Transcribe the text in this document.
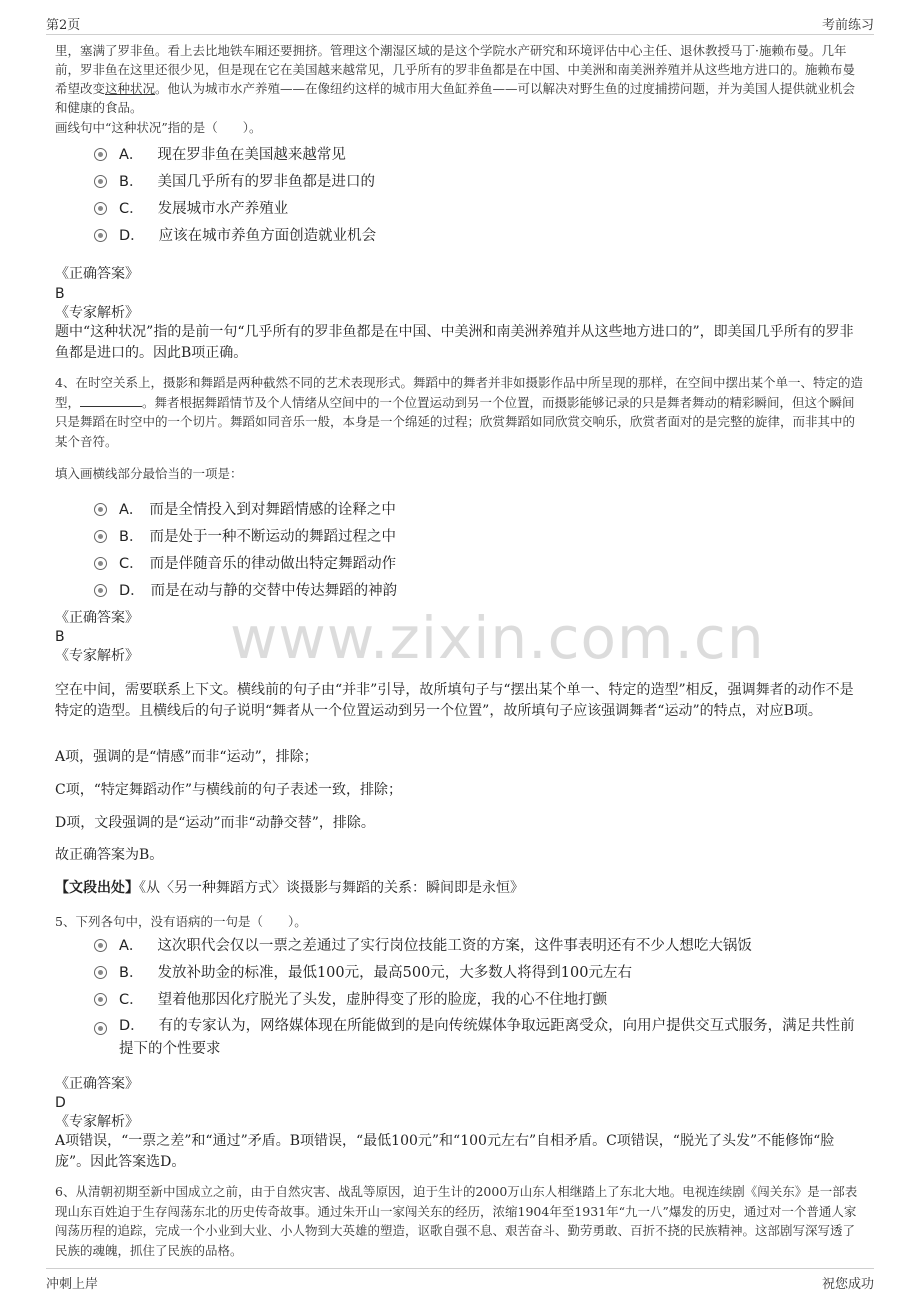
第2页	考前练习
www.zixin.com.cn
里，塞满了罗非鱼。看上去比地铁车厢还要拥挤。管理这个潮湿区域的是这个学院水产研究和环境评估中心主任、退休教授马丁·施赖布曼。几年前，罗非鱼在这里还很少见，但是现在它在美国越来越常见，几乎所有的罗非鱼都是在中国、中美洲和南美洲养殖并从这些地方进口的。施赖布曼希望改变这种状况。他认为城市水产养殖——在像纽约这样的城市用大鱼缸养鱼——可以解决对野生鱼的过度捕捞问题，并为美国人提供就业机会和健康的食品。
画线句中“这种状况”指的是（　　）。
A． 现在罗非鱼在美国越来越常见
B． 美国几乎所有的罗非鱼都是进口的
C． 发展城市水产养殖业
D． 应该在城市养鱼方面创造就业机会
《正确答案》
B
《专家解析》
题中“这种状况”指的是前一句“几乎所有的罗非鱼都是在中国、中美洲和南美洲养殖并从这些地方进口的”，即美国几乎所有的罗非鱼都是进口的。因此B项正确。
4、在时空关系上，摄影和舞蹈是两种截然不同的艺术表现形式。舞蹈中的舞者并非如摄影作品中所呈现的那样，在空间中摆出某个单一、特定的造型，	。舞者根据舞蹈情节及个人情绪从空间中的一个位置运动到另一个位置，而摄影能够记录的只是舞者舞动的精彩瞬间，但这个瞬间只是舞蹈在时空中的一个切片。舞蹈如同音乐一般，本身是一个绵延的过程；欣赏舞蹈如同欣赏交响乐，欣赏者面对的是完整的旋律，而非其中的某个音符。
填入画横线部分最恰当的一项是：
A． 而是全情投入到对舞蹈情感的诠释之中
B． 而是处于一种不断运动的舞蹈过程之中
C． 而是伴随音乐的律动做出特定舞蹈动作
D． 而是在动与静的交替中传达舞蹈的神韵
《正确答案》
B
《专家解析》
空在中间，需要联系上下文。横线前的句子由“并非”引导，故所填句子与“摆出某个单一、特定的造型”相反，强调舞者的动作不是特定的造型。且横线后的句子说明“舞者从一个位置运动到另一个位置”，故所填句子应该强调舞者“运动”的特点，对应B项。
A项，强调的是“情感”而非“运动”，排除；
C项，“特定舞蹈动作”与横线前的句子表述一致，排除；
D项，文段强调的是“运动”而非“动静交替”，排除。
故正确答案为B。
【文段出处】《从〈另一种舞蹈方式〉谈摄影与舞蹈的关系：瞬间即是永恒》
5、下列各句中，没有语病的一句是（　　）。
A． 这次职代会仅以一票之差通过了实行岗位技能工资的方案，这件事表明还有不少人想吃大锅饭
B． 发放补助金的标准，最低100元，最高500元，大多数人将得到100元左右
C． 望着他那因化疗脱光了头发，虚肿得变了形的脸庞，我的心不住地打颤
D． 有的专家认为，网络媒体现在所能做到的是向传统媒体争取远距离受众，向用户提供交互式服务，满足共性前提下的个性要求
《正确答案》
D
《专家解析》
A项错误，“一票之差”和“通过”矛盾。B项错误，“最低100元”和“100元左右”自相矛盾。C项错误，“脱光了头发”不能修饰“脸庞”。因此答案选D。
6、从清朝初期至新中国成立之前，由于自然灾害、战乱等原因，迫于生计的2000万山东人相继踏上了东北大地。电视连续剧《闯关东》是一部表现山东百姓迫于生存闯荡东北的历史传奇故事。通过朱开山一家闯关东的经历，浓缩1904年至1931年“九一八”爆发的历史，通过对一个普通人家闯荡历程的追踪，完成一个小业到大业、小人物到大英雄的塑造，讴歌自强不息、艰苦奋斗、勤劳勇敢、百折不挠的民族精神。这部剧写深写透了民族的魂魄，抓住了民族的品格。
冲刺上岸	祝您成功
